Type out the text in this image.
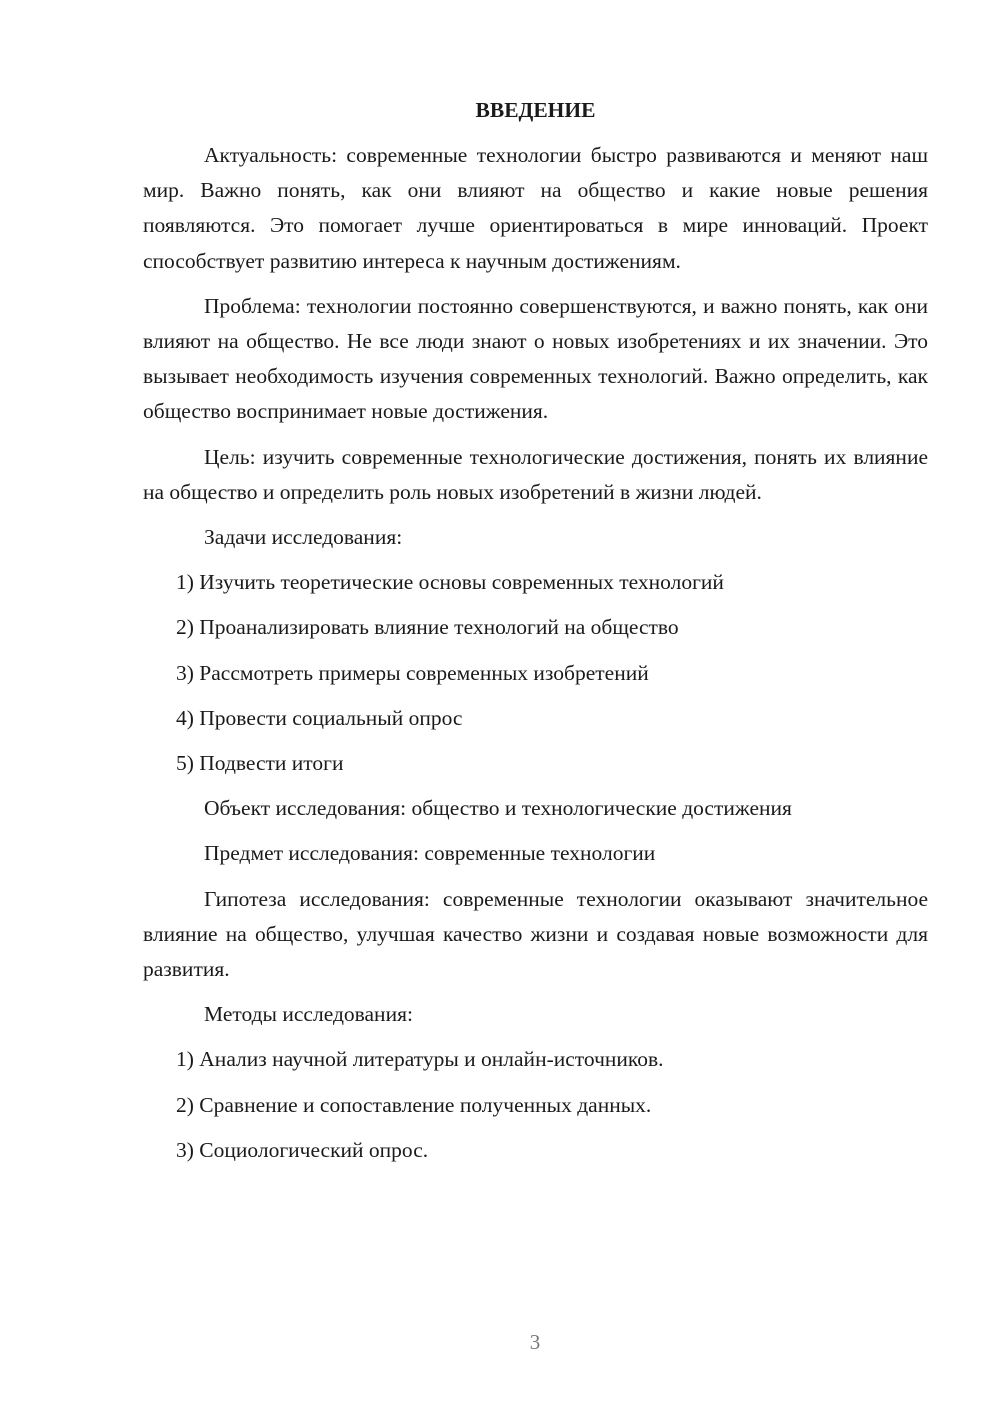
ВВЕДЕНИЕ

Актуальность: современные технологии быстро развиваются и меняют наш мир. Важно понять, как они влияют на общество и какие новые решения появляются. Это помогает лучше ориентироваться в мире инноваций. Проект способствует развитию интереса к научным достижениям.

Проблема: технологии постоянно совершенствуются, и важно понять, как они влияют на общество. Не все люди знают о новых изобретениях и их значении. Это вызывает необходимость изучения современных технологий. Важно определить, как общество воспринимает новые достижения.

Цель: изучить современные технологические достижения, понять их влияние на общество и определить роль новых изобретений в жизни людей.

Задачи исследования:

1) Изучить теоретические основы современных технологий

2) Проанализировать влияние технологий на общество

3) Рассмотреть примеры современных изобретений

4) Провести социальный опрос

5) Подвести итоги

Объект исследования: общество и технологические достижения

Предмет исследования: современные технологии

Гипотеза исследования: современные технологии оказывают значительное влияние на общество, улучшая качество жизни и создавая новые возможности для развития.

Методы исследования:

1) Анализ научной литературы и онлайн-источников.

2) Сравнение и сопоставление полученных данных.

3) Социологический опрос.

3
